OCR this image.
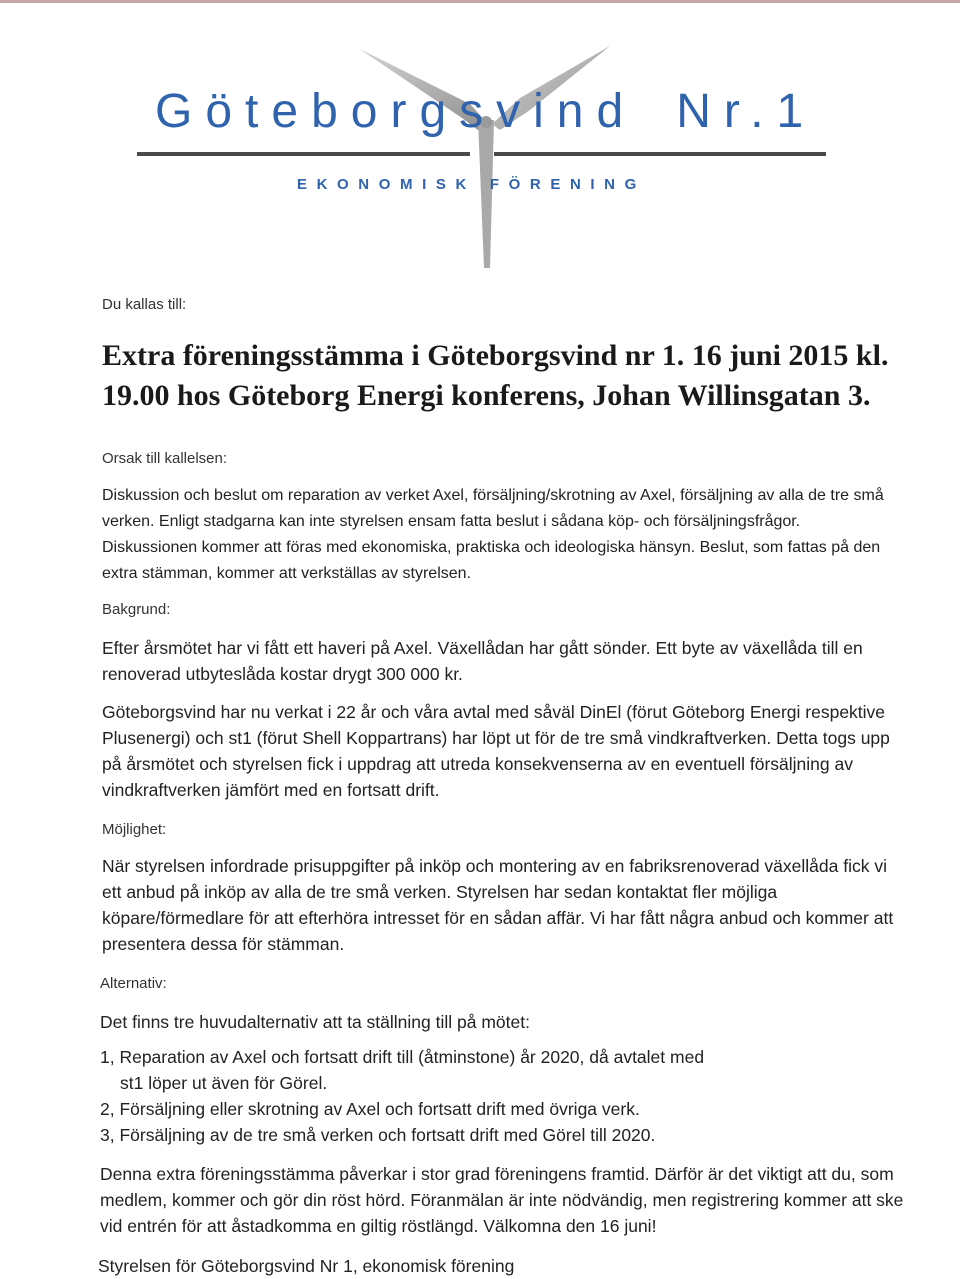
Göteborgsvind Nr.1
EKONOMISK FÖRENING
Du kallas till:
Extra föreningsstämma i Göteborgsvind nr 1. 16 juni 2015 kl. 19.00 hos Göteborg Energi konferens, Johan Willinsgatan 3.
Orsak till kallelsen:
Diskussion och beslut om reparation av verket Axel, försäljning/skrotning av Axel, försäljning av alla de tre små verken. Enligt stadgarna kan inte styrelsen ensam fatta beslut i sådana köp- och försäljningsfrågor. Diskussionen kommer att föras med ekonomiska, praktiska och ideologiska hänsyn. Beslut, som fattas på den extra stämman, kommer att verkställas av styrelsen.
Bakgrund:
Efter årsmötet har vi fått ett haveri på Axel. Växellådan har gått sönder. Ett byte av växellåda till en renoverad utbyteslåda kostar drygt 300 000 kr.
Göteborgsvind har nu verkat i 22 år och våra avtal med såväl DinEl (förut Göteborg Energi respektive Plusenergi) och st1 (förut Shell Koppartrans) har löpt ut för de tre små vindkraftverken. Detta togs upp på årsmötet och styrelsen fick i uppdrag att utreda konsekvenserna av en eventuell försäljning av vindkraftverken jämfört med en fortsatt drift.
Möjlighet:
När styrelsen infordrade prisuppgifter på inköp och montering av en fabriksrenoverad växellåda fick vi ett anbud på inköp av alla de tre små verken. Styrelsen har sedan kontaktat fler möjliga köpare/förmedlare för att efterhöra intresset för en sådan affär. Vi har fått några anbud och kommer att presentera dessa för stämman.
Alternativ:
Det finns tre huvudalternativ att ta ställning till på mötet:
1, Reparation av Axel och fortsatt drift till (åtminstone) år 2020, då avtalet med
st1 löper ut även för Görel.
2, Försäljning eller skrotning av Axel och fortsatt drift med övriga verk.
3, Försäljning av de tre små verken och fortsatt drift med Görel till 2020.
Denna extra föreningsstämma påverkar i stor grad föreningens framtid. Därför är det viktigt att du, som medlem, kommer och gör din röst hörd. Föranmälan är inte nödvändig, men registrering kommer att ske vid entrén för att åstadkomma en giltig röstlängd. Välkomna den 16 juni!
Styrelsen för Göteborgsvind Nr 1, ekonomisk förening
